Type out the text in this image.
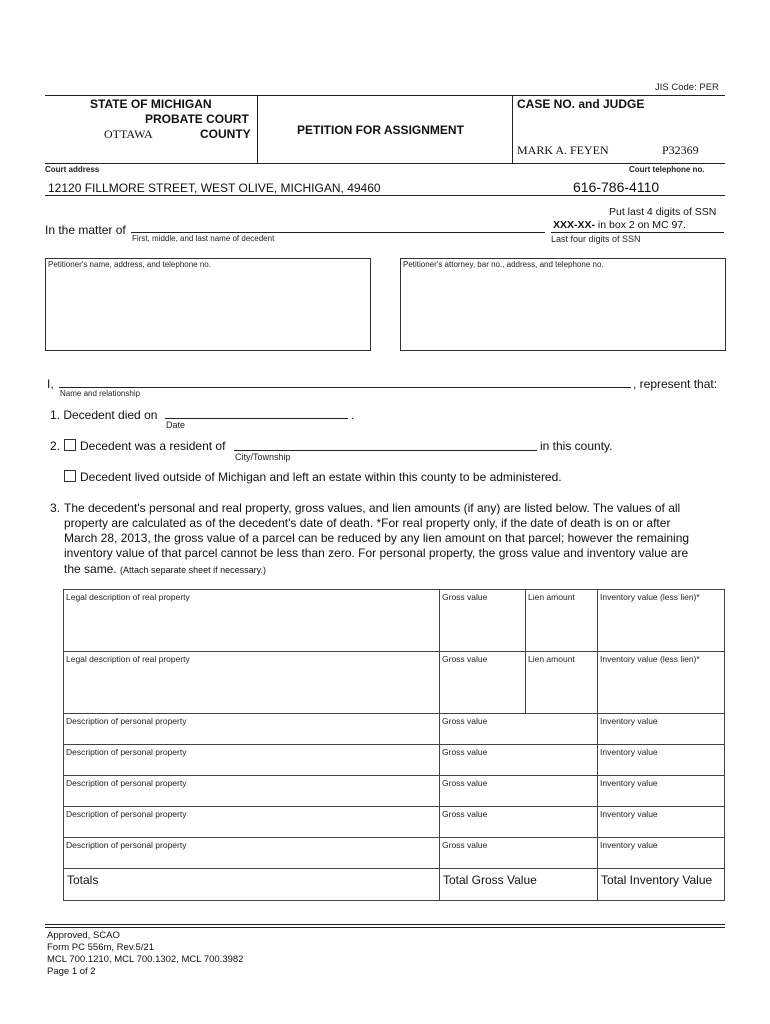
JIS Code: PER
STATE OF MICHIGAN
PROBATE COURT
OTTAWA	COUNTY	PETITION FOR ASSIGNMENT
CASE NO. and JUDGE
MARK A. FEYEN	P32369
Court address	Court telephone no.
12120 FILLMORE STREET, WEST OLIVE, MICHIGAN, 49460	616-786-4110
In the matter of
First, middle, and last name of decedent
Put last 4 digits of SSN
XXX-XX- in box 2 on MC 97.
Last four digits of SSN
Petitioner's name, address, and telephone no.	Petitioner's attorney, bar no., address, and telephone no.
I,	, represent that:
Name and relationship
1. Decedent died on	.
Date
2.	Decedent was a resident of	in this county.
City/Township
Decedent lived outside of Michigan and left an estate within this county to be administered.
3. The decedent's personal and real property, gross values, and lien amounts (if any) are listed below. The values of all
property are calculated as of the decedent's date of death. *For real property only, if the date of death is on or after
March 28, 2013, the gross value of a parcel can be reduced by any lien amount on that parcel; however the remaining
inventory value of that parcel cannot be less than zero. For personal property, the gross value and inventory value are
the same. (Attach separate sheet if necessary.)
Legal description of real property	Gross value	Lien amount	Inventory value (less lien)*
Legal description of real property	Gross value	Lien amount	Inventory value (less lien)*
Description of personal property	Gross value		Inventory value
Description of personal property	Gross value		Inventory value
Description of personal property	Gross value		Inventory value
Description of personal property	Gross value		Inventory value
Description of personal property	Gross value		Inventory value
Totals	Total Gross Value		Total Inventory Value
Approved, SCAO
Form PC 556m, Rev.5/21
MCL 700.1210, MCL 700.1302, MCL 700.3982
Page 1 of 2
